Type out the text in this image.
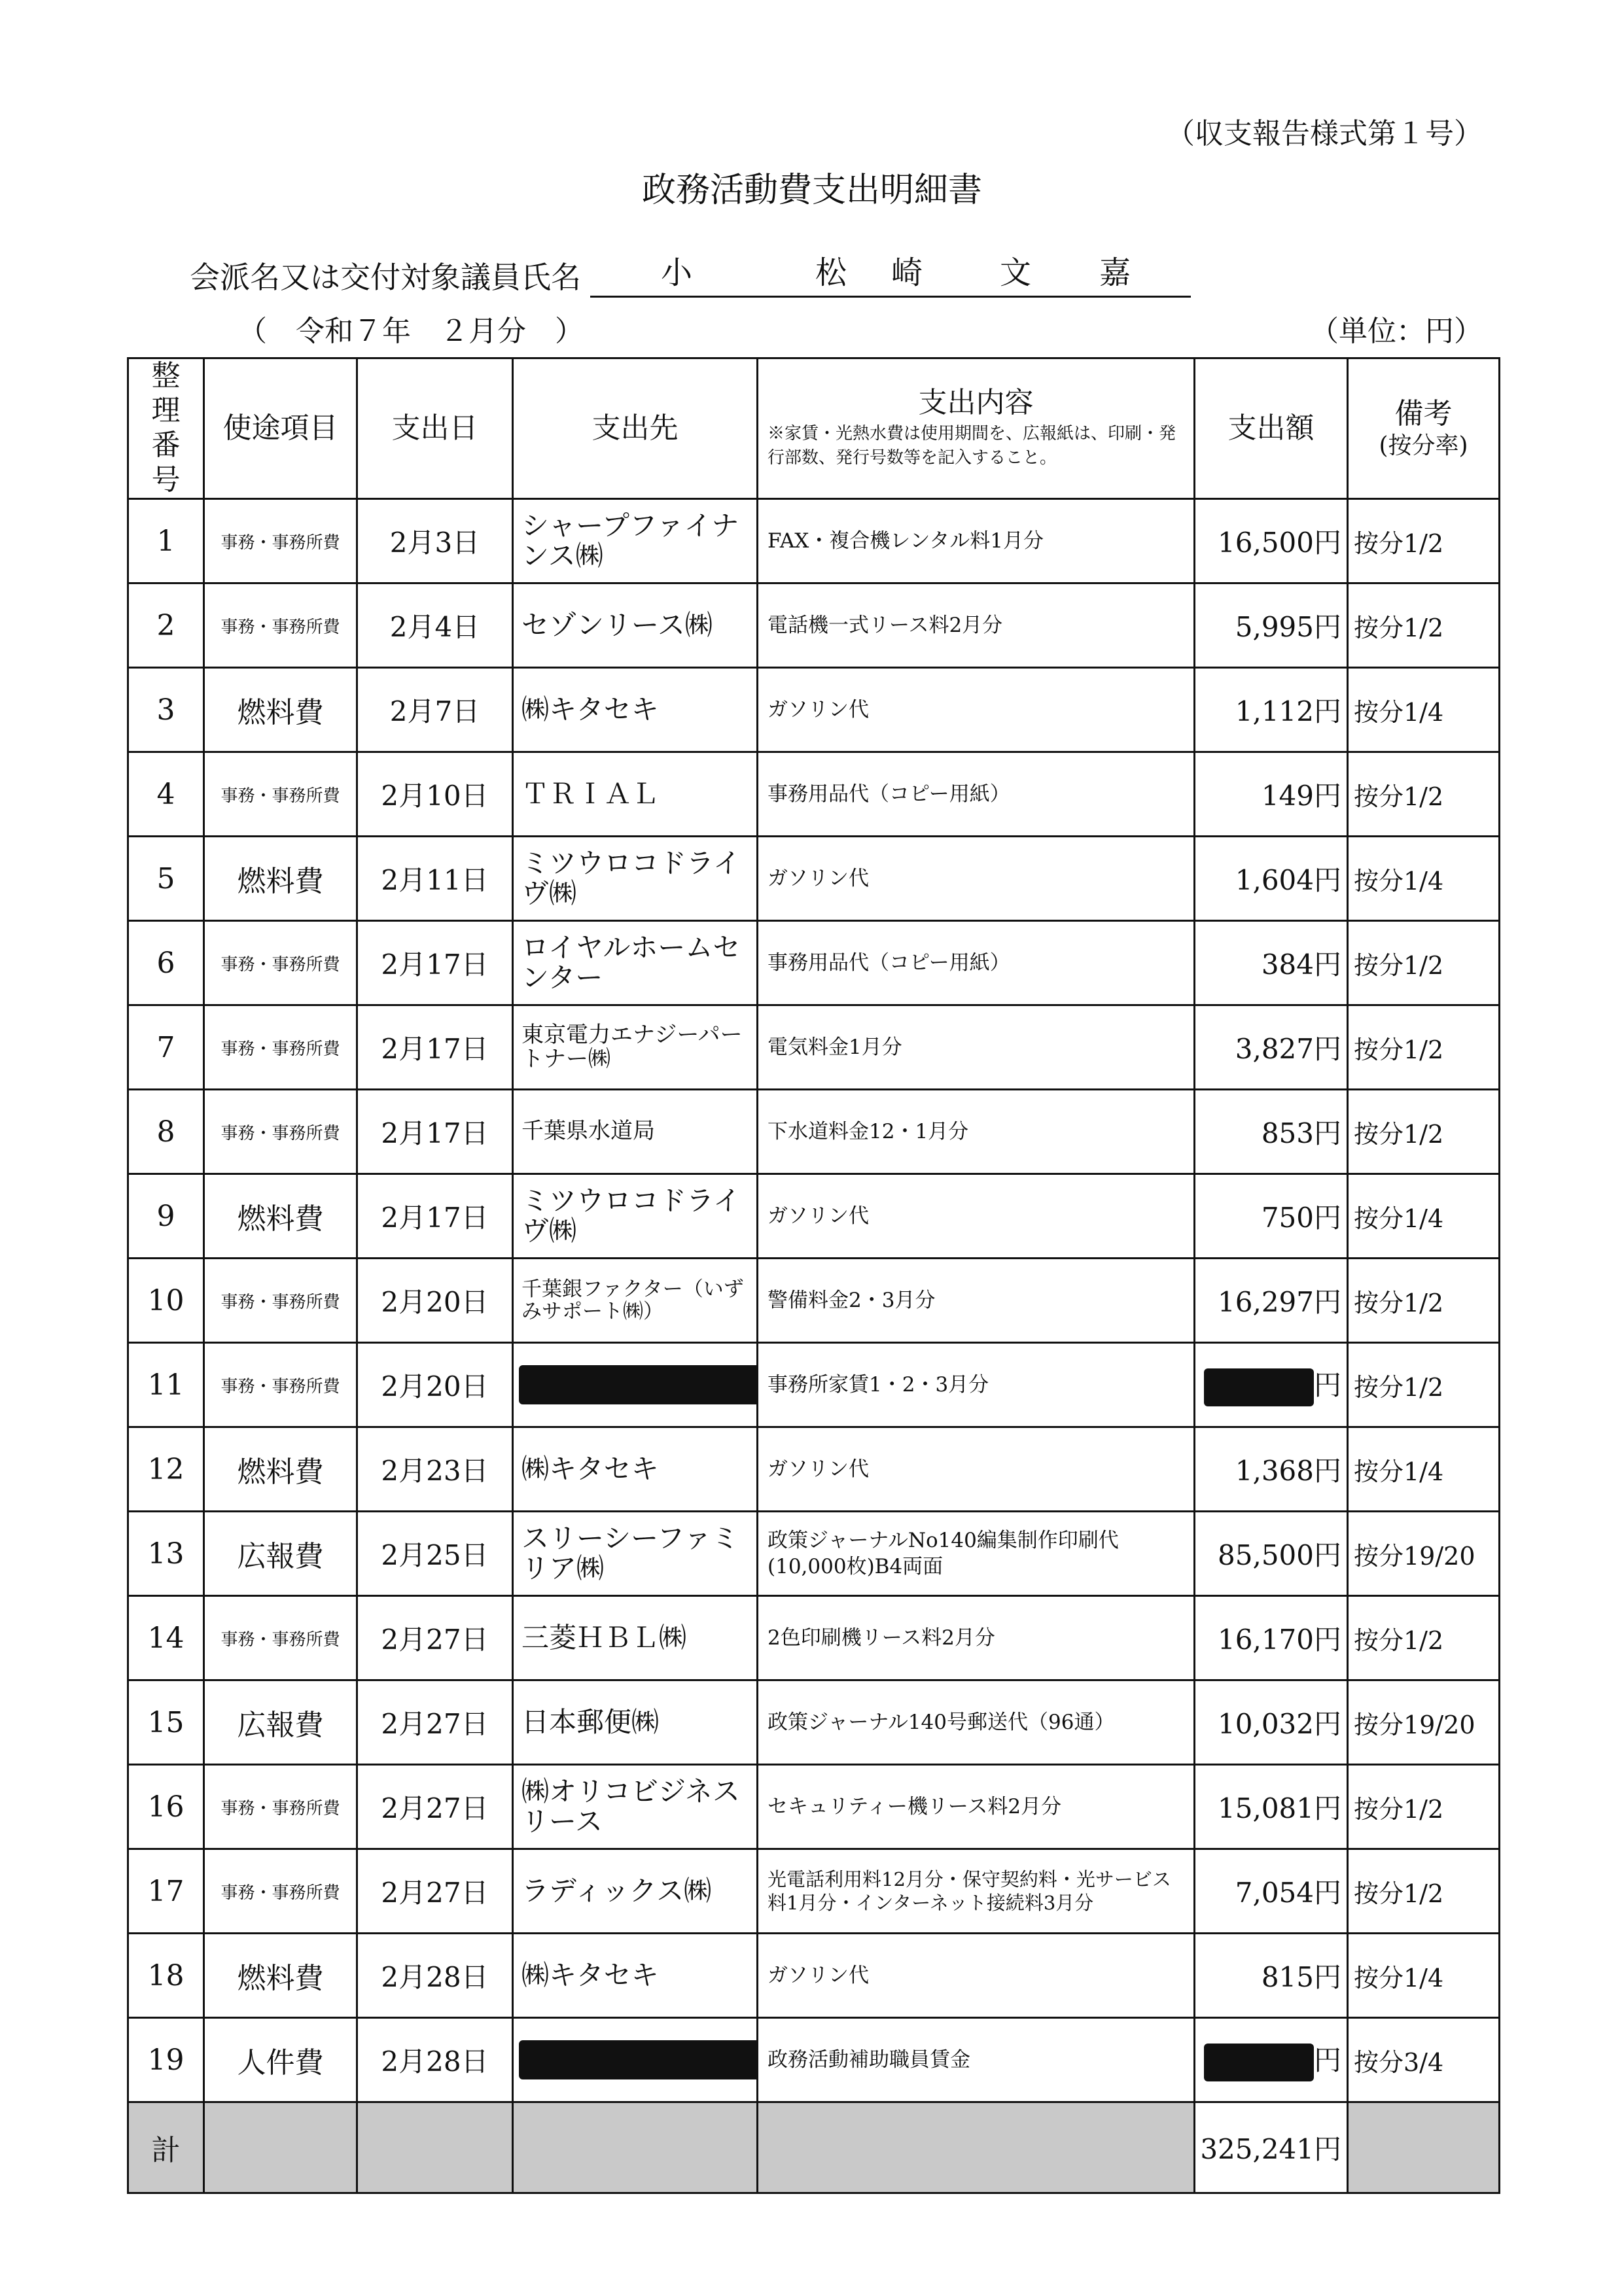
（収支報告様式第１号）
政務活動費支出明細書
会派名又は交付対象議員氏名	小	松 崎 文 嘉
（　令和７年　２月分　）	（単位：円）
整理番号	使途項目	支出日	支出先	支出内容
※家賃・光熱水費は使用期間を、広報紙は、印刷・発行部数、発行号数等を記入すること。	支出額	備考
(按分率)

1	事務・事務所費	2月3日	シャープファイナンス㈱	FAX・複合機レンタル料1月分	16,500円	按分1/2
2	事務・事務所費	2月4日	セゾンリース㈱	電話機一式リース料2月分	5,995円	按分1/2
3	燃料費	2月7日	㈱キタセキ	ガソリン代	1,112円	按分1/4
4	事務・事務所費	2月10日	ＴＲＩＡＬ	事務用品代（コピー用紙）	149円	按分1/2
5	燃料費	2月11日	ミツウロコドライヴ㈱	ガソリン代	1,604円	按分1/4
6	事務・事務所費	2月17日	ロイヤルホームセンター	事務用品代（コピー用紙）	384円	按分1/2
7	事務・事務所費	2月17日	東京電力エナジーパートナー㈱	電気料金1月分	3,827円	按分1/2
8	事務・事務所費	2月17日	千葉県水道局	下水道料金12・1月分	853円	按分1/2
9	燃料費	2月17日	ミツウロコドライヴ㈱	ガソリン代	750円	按分1/4
10	事務・事務所費	2月20日	千葉銀ファクター（いずみサポート㈱）	警備料金2・3月分	16,297円	按分1/2
11	事務・事務所費	2月20日		事務所家賃1・2・3月分	円	按分1/2
12	燃料費	2月23日	㈱キタセキ	ガソリン代	1,368円	按分1/4
13	広報費	2月25日	スリーシーファミリア㈱	政策ジャーナルNo140編集制作印刷代(10,000枚)B4両面	85,500円	按分19/20
14	事務・事務所費	2月27日	三菱ＨＢＬ㈱	2色印刷機リース料2月分	16,170円	按分1/2
15	広報費	2月27日	日本郵便㈱	政策ジャーナル140号郵送代（96通）	10,032円	按分19/20
16	事務・事務所費	2月27日	㈱オリコビジネスリース	セキュリティー機リース料2月分	15,081円	按分1/2
17	事務・事務所費	2月27日	ラディックス㈱	光電話利用料12月分・保守契約料・光サービス料1月分・インターネット接続料3月分	7,054円	按分1/2
18	燃料費	2月28日	㈱キタセキ	ガソリン代	815円	按分1/4
19	人件費	2月28日		政務活動補助職員賃金	円	按分3/4
計					325,241円	
